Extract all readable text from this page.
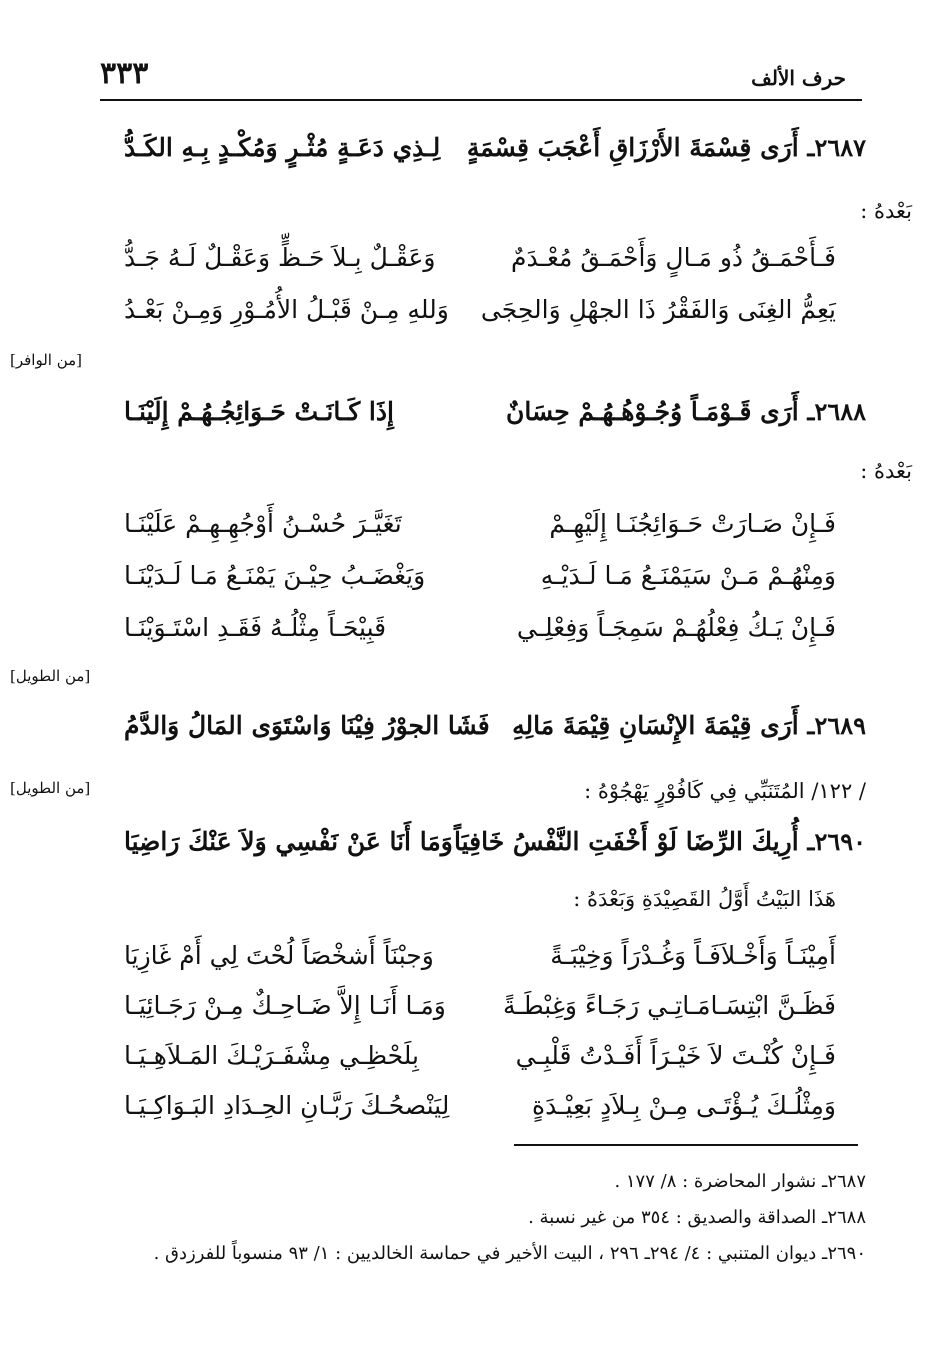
حرف الألف
٣٣٣
٢٦٨٧ـ أَرَى قِسْمَةَ الأَرْزَاقِ أَعْجَبَ قِسْمَةٍ
لِـذِي دَعَـةٍ مُثْـرٍ وَمُكْـدٍ بِـهِ الكَـدُّ
بَعْدهُ :
فَـأَحْمَـقُ ذُو مَـالٍ وَأَحْمَـقُ مُعْـدَمٌ
وَعَقْـلٌ بِـلاَ حَـظٍّ وَعَقْـلٌ لَـهُ جَـدُّ
يَعِمُّ الغِنَى وَالفَقْرُ ذَا الجهْلِ وَالحِجَى
وَللهِ مِـنْ قَبْـلُ الأُمُـوْرِ وَمِـنْ بَعْـدُ
[من الوافر]
٢٦٨٨ـ أَرَى قَـوْمَـاً وُجُـوْهُـهُـمْ حِسَانٌ
إِذَا كَـانَـتْ حَـوَائِجُـهُـمْ إِلَيْنَـا
بَعْدهُ :
فَـإِنْ صَـارَتْ حَـوَائِجُنَـا إِلَيْهِـمْ
تَغَيَّـرَ حُسْـنُ أَوْجُهِـهِـمْ عَلَيْنَـا
وَمِنْهُـمْ مَـنْ سَيَمْنَـعُ مَـا لَـدَيْـهِ
وَيَغْضَـبُ حِيْـنَ يَمْنَـعُ مَـا لَـدَيْنَـا
فَـإِنْ يَـكُ فِعْلُهُـمْ سَمِجَـاً وَفِعْلِـي
قَبِيْحَـاً مِثْلُـهُ فَقَـدِ اسْتَـوَيْنَـا
[من الطويل]
٢٦٨٩ـ أَرَى قِيْمَةَ الإِنْسَانِ قِيْمَةَ مَالِهِ
فَشَا الجوْرُ فِيْنَا وَاسْتَوَى المَالُ وَالدَّمُ
[من الطويل]	/ ١٢٢/ المُتَنَبِّي فِي كَافُوْرٍ يَهْجُوْهُ :
٢٦٩٠ـ أُرِيكَ الرِّضَا لَوْ أَخْفَتِ النَّفْسُ خَافِيَاً
وَمَا أَنَا عَنْ نَفْسِي وَلاَ عَنْكَ رَاضِيَا
هَذَا البَيْتُ أَوَّلُ القَصِيْدَةِ وَبَعْدَهُ :
أَمِيْنَـاً وَأَخْـلاَفَـاً وَغُـدْرَاً وَخِيْبَـةً
وَجبْنَاً أَشخْصَاً لُحْتَ لِي أَمْ غَازِيَا
فَظَـنَّ ابْتِسَـامَـاتِـي رَجَـاءً وَغِبْطَـةً
وَمَـا أَنَـا إِلاَّ ضَـاحِـكٌ مِـنْ رَجَـائِيَـا
فَـإِنْ كُنْـتَ لاَ خَيْـرَاً أَفَـدْتُ قَلْبِـي
بِلَحْظِـي مِشْفَـرَيْـكَ المَـلاَهِـيَـا
وَمِثْلُـكَ يُـؤْتَـى مِـنْ بِـلاَدٍ بَعِيْـدَةٍ
لِيَنْصحُـكَ رَبَّـانِ الحِـدَادِ البَـوَاكِـيَـا
٢٦٨٧ـ نشوار المحاضرة : ٨/ ١٧٧ .
٢٦٨٨ـ الصداقة والصديق : ٣٥٤ من غير نسبة .
٢٦٩٠ـ ديوان المتنبي : ٤/ ٢٩٤ـ ٢٩٦ ، البيت الأخير في حماسة الخالديين : ١/ ٩٣ منسوباً للفرزدق .
